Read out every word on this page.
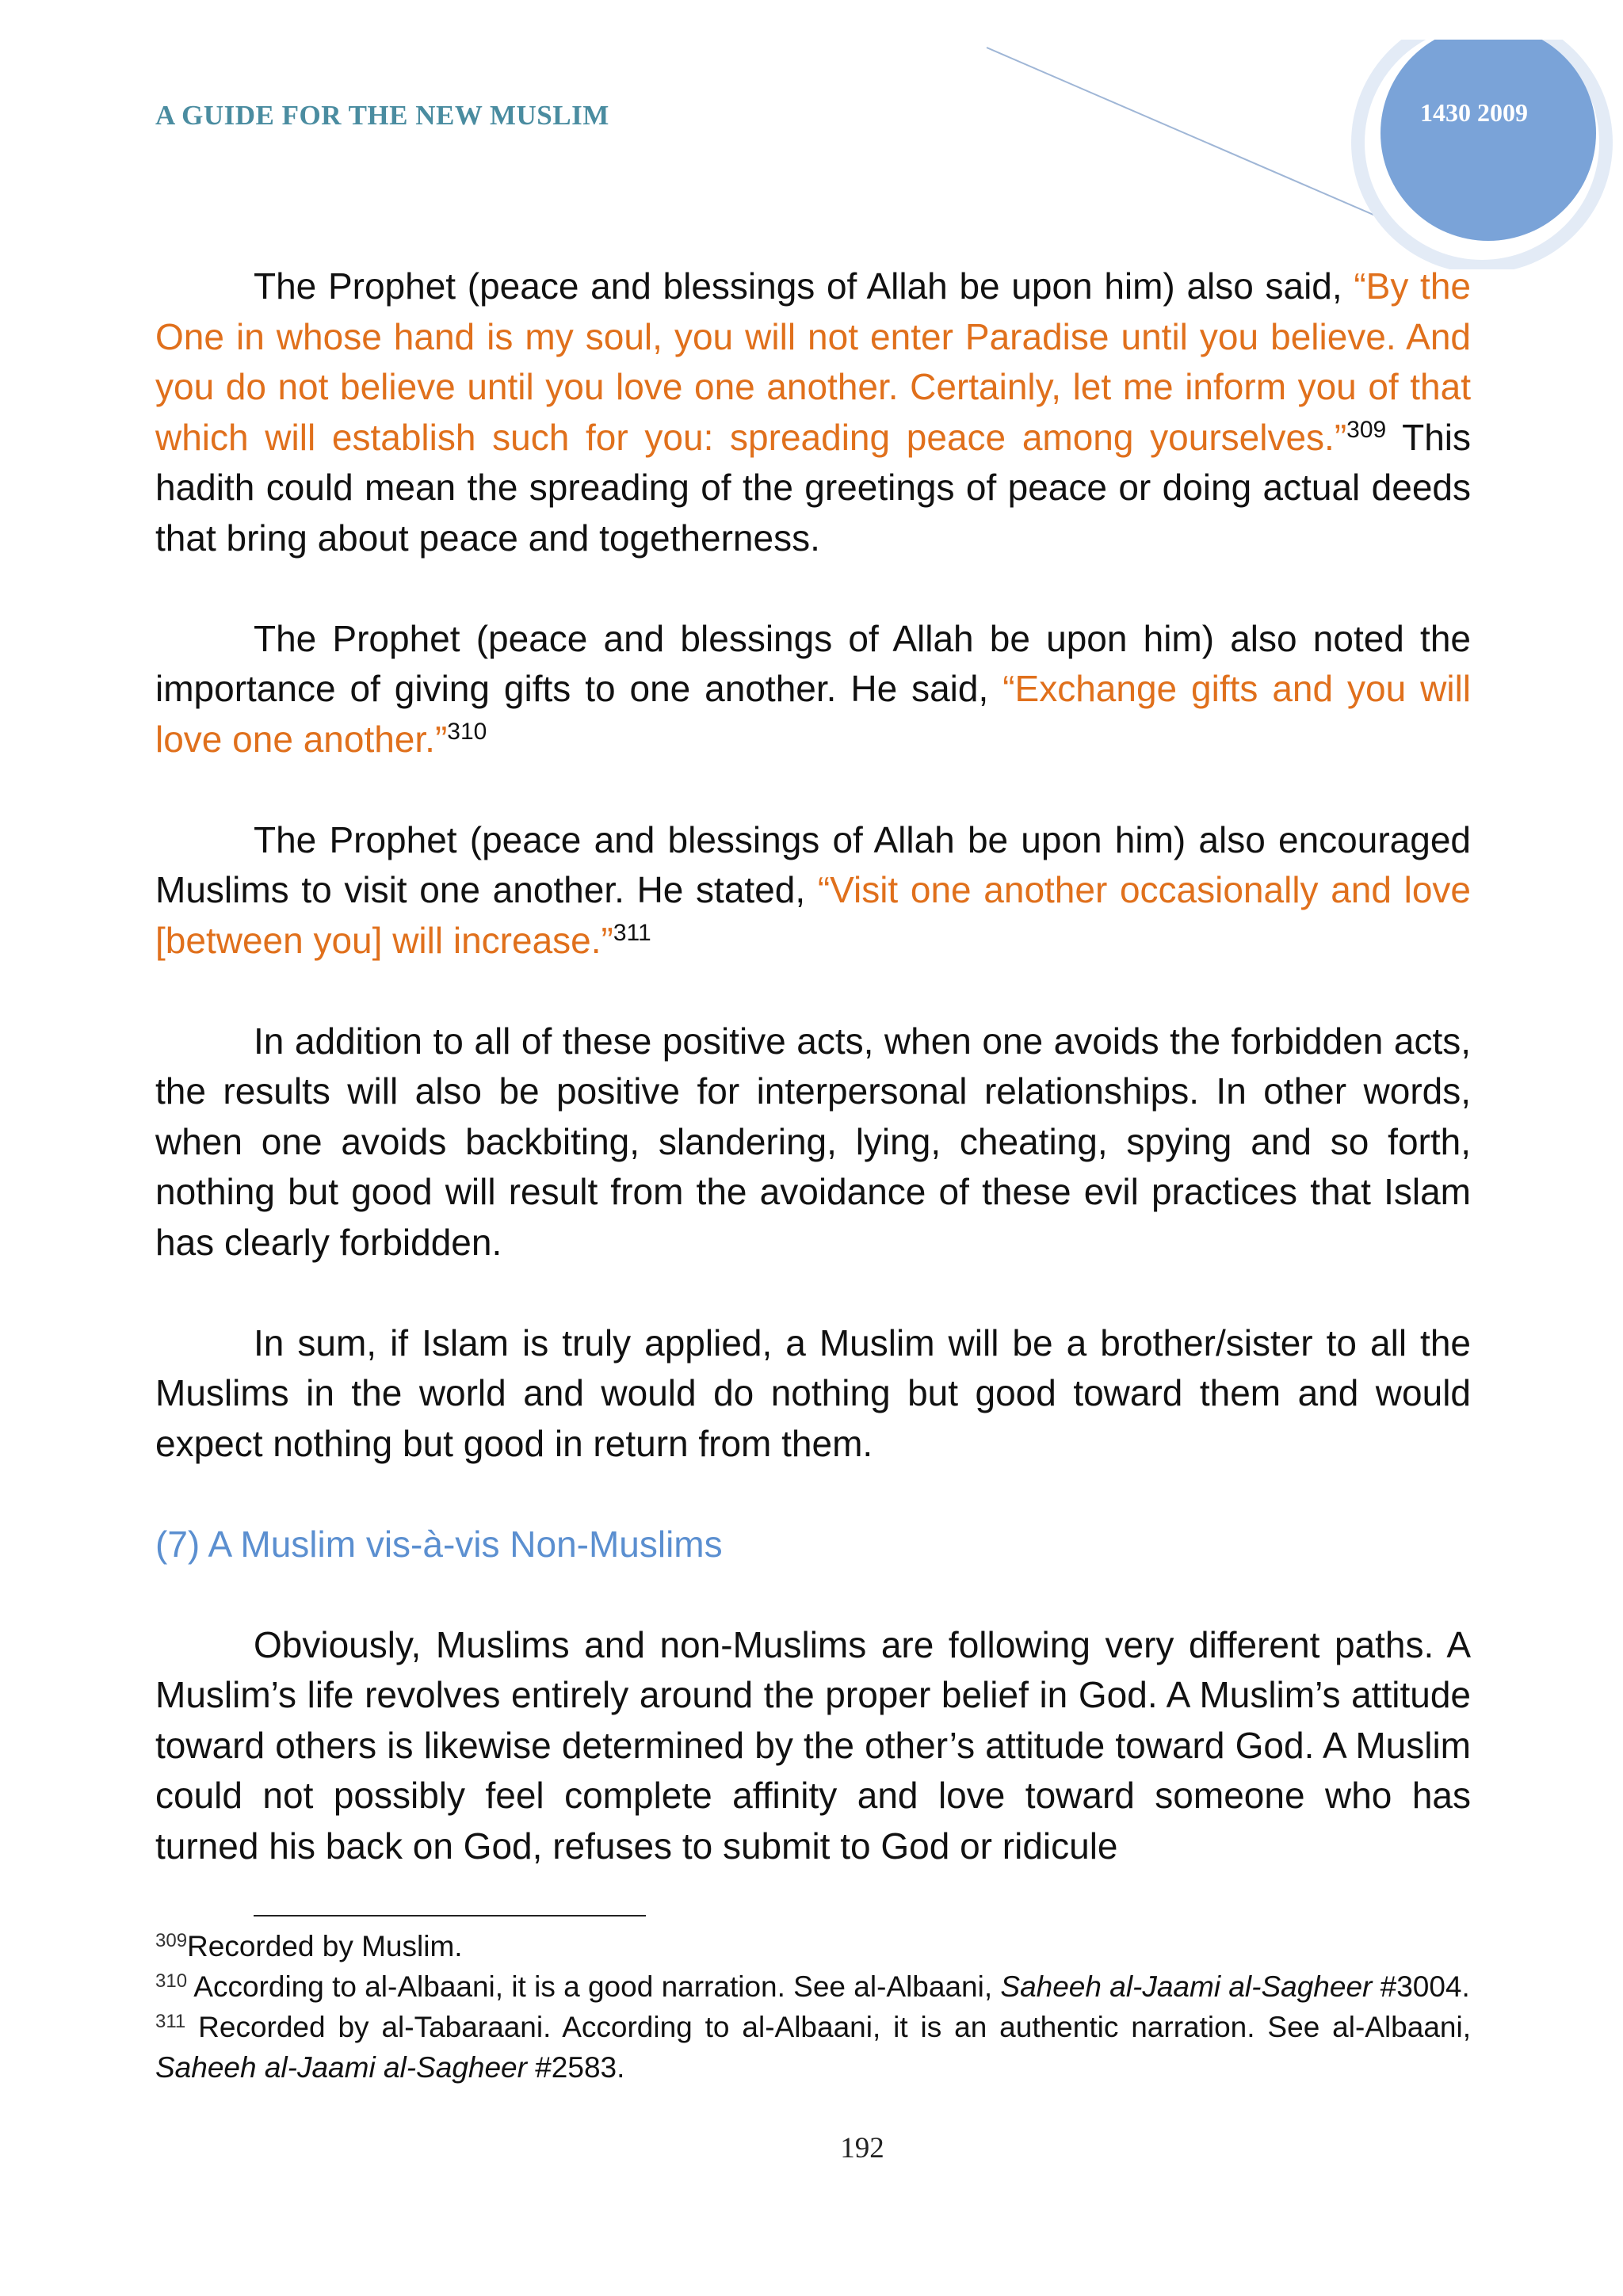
A GUIDE FOR THE NEW MUSLIM	1430 2009

The Prophet (peace and blessings of Allah be upon him) also said, “By the One in whose hand is my soul, you will not enter Paradise until you believe. And you do not believe until you love one another. Certainly, let me inform you of that which will establish such for you: spreading peace among yourselves.”$^{309}$ This hadith could mean the spreading of the greetings of peace or doing actual deeds that bring about peace and togetherness.

The Prophet (peace and blessings of Allah be upon him) also noted the importance of giving gifts to one another. He said, “Exchange gifts and you will love one another.”$^{310}$

The Prophet (peace and blessings of Allah be upon him) also encouraged Muslims to visit one another. He stated, “Visit one another occasionally and love [between you] will increase.”$^{311}$

In addition to all of these positive acts, when one avoids the forbidden acts, the results will also be positive for interpersonal relationships. In other words, when one avoids backbiting, slandering, lying, cheating, spying and so forth, nothing but good will result from the avoidance of these evil practices that Islam has clearly forbidden.

In sum, if Islam is truly applied, a Muslim will be a brother/sister to all the Muslims in the world and would do nothing but good toward them and would expect nothing but good in return from them.

(7) A Muslim vis-à-vis Non-Muslims

Obviously, Muslims and non-Muslims are following very different paths. A Muslim’s life revolves entirely around the proper belief in God. A Muslim’s attitude toward others is likewise determined by the other’s attitude toward God. A Muslim could not possibly feel complete affinity and love toward someone who has turned his back on God, refuses to submit to God or ridicule

$^{309}$Recorded by Muslim.

$^{310}$ According to al-Albaani, it is a good narration. See al-Albaani, Saheeh al-Jaami al-Sagheer #3004.

$^{311}$ Recorded by al-Tabaraani. According to al-Albaani, it is an authentic narration. See al-Albaani, Saheeh al-Jaami al-Sagheer #2583.

192
